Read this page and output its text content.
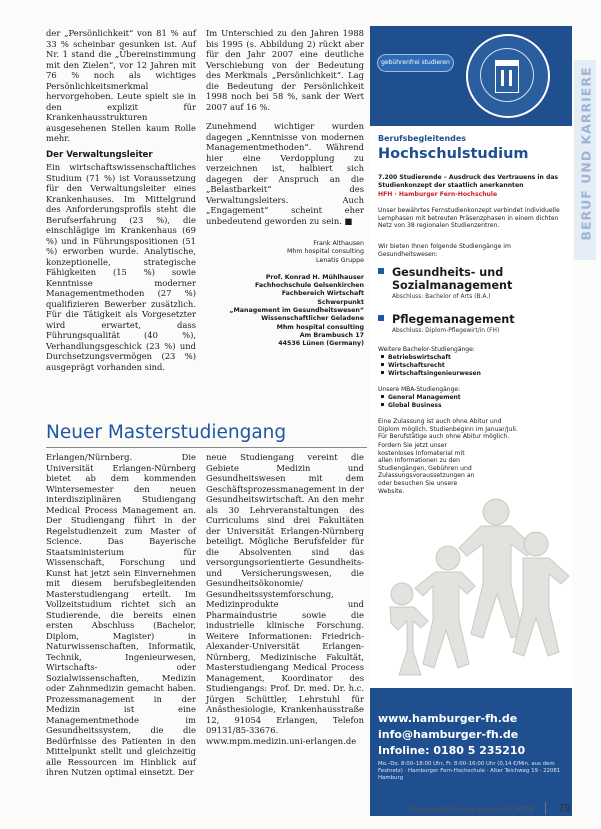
der „Persönlichkeit“ von 81 % auf 33 % scheinbar gesunken ist. Auf Nr. 1 stand die „Übereinstimmung mit den Zielen“, vor 12 Jahren mit 76 % noch als wichtiges Persönlichkeitsmerkmal hervorgehoben. Leute spielt sie in den explizit für Krankenhausstrukturen ausgesehenen Stellen kaum Rolle mehr.

Der Verwaltungsleiter

Ein wirtschaftswissenschaftliches Studium (71 %) ist Voraussetzung für den Verwaltungsleiter eines Krankenhauses. Im Mittelgrund des Anforderungsprofils steht die Berufserfahrung (23 %), die einschlägige im Krankenhaus (69 %) und in Führungspositionen (51 %) erworben wurde. Analytische, konzeptionelle, strategische Fähigkeiten (15 %) sowie Kenntnisse moderner Managementmethoden (27 %) qualifizieren Bewerber zusätzlich. Für die Tätigkeit als Vorgesetzter wird erwartet, dass Führungsqualität (40 %), Verhandlungsgeschick (23 %) und Durchsetzungsvermögen (23 %) ausgeprägt vorhanden sind.

Im Unterschied zu den Jahren 1988 bis 1995 (s. Abbildung 2) rückt aber für den Jahr 2007 eine deutliche Verschiebung von der Bedeutung des Merkmals „Persönlichkeit“. Lag die Bedeutung der Persönlichkeit 1998 noch bei 58 %, sank der Wert 2007 auf 16 %.

Zunehmend wichtiger wurden dagegen „Kenntnisse von modernen Managementmethoden“. Während hier eine Verdopplung zu verzeichnen ist, halbiert sich dagegen der Anspruch an die „Belastbarkeit“ des Verwaltungsleiters. Auch „Engagement“ scheint eher unbedeutend geworden zu sein. ■

Frank Althausen

Mhm hospital consulting

Lenatis Gruppe

Prof. Konrad H. Mühlhauser

Fachhochschule Gelsenkirchen

Fachbereich Wirtschaft

Schwerpunkt

„Management im Gesundheitswesen“

Wissenschaftlicher Geladene

Mhm hospital consulting

Am Brambusch 17

44536 Lünen (Germany)

Neuer Masterstudiengang

Erlangen/Nürnberg. Die Universität Erlangen-Nürnberg bietet ab dem kommenden Wintersemester den neuen interdisziplinären Studiengang Medical Process Management an. Der Studiengang führt in der Regelstudienzeit zum Master of Science. Das Bayerische Staatsministerium für Wissenschaft, Forschung und Kunst hat jetzt sein Einvernehmen mit diesem berufsbegleitenden Masterstudiengang erteilt. Im Vollzeitstudium richtet sich an Studierende, die bereits einen ersten Abschluss (Bachelor, Diplom, Magister) in Naturwissenschaften, Informatik, Technik, Ingenieurwesen, Wirtschafts- oder Sozialwissenschaften, Medizin oder Zahnmedizin gemacht haben. Prozessmanagement in der Medizin ist eine Managementmethode im Gesundheitssystem, die die Bedürfnisse des Patienten in den Mittelpunkt stellt und gleichzeitig alle Ressourcen im Hinblick auf ihren Nutzen optimal einsetzt. Der

neue Studiengang vereint die Gebiete Medizin und Gesundheitswesen mit dem Geschäftsprozessmanagement in der Gesundheitswirtschaft. An den mehr als 30 Lehrveranstaltungen des Curriculums sind drei Fakultäten der Universität Erlangen-Nürnberg beteiligt. Mögliche Berufsfelder für die Absolventen sind das versorgungsorientierte Gesundheits- und Versicherungswesen, die Gesundheitsökonomie/ Gesundheitssystemforschung, Medizinprodukte und Pharmaindustrie sowie die industrielle klinische Forschung. Weitere Informationen: Friedrich-Alexander-Universität Erlangen-Nürnberg, Medizinische Fakultät, Masterstudiengang Medical Process Management, Koordinator des Studiengangs: Prof. Dr. med. Dr. h.c. Jürgen Schüttler, Lehrstuhl für Anästhesiologie, Krankenhausstraße 12, 91054 Erlangen, Telefon 09131/85-33676. www.mpm.medizin.uni-erlangen.de

BERUF UND KARRIERE
gebührenfrei studieren
Berufsbegleitendes
Hochschulstudium
7.200 Studierende – Ausdruck des Vertrauens in das Studienkonzept der staatlich anerkannten
HFH · Hamburger Fern-Hochschule
Unser bewährtes Fernstudienkonzept verbindet individuelle Lernphasen mit betreuten Präsenzphasen in einem dichten Netz von 38 regionalen Studienzentren.
Wir bieten Ihnen folgende Studiengänge im Gesundheitswesen:
Gesundheits- und
Sozialmanagement
Abschluss: Bachelor of Arts (B.A.)
Pflegemanagement
Abschluss: Diplom-Pflegewirt/in (FH)
Weitere Bachelor-Studiengänge:
Betriebswirtschaft
Wirtschaftsrecht
Wirtschaftsingenieurwesen
Unsere MBA-Studiengänge:
General Management
Global Business
Eine Zulassung ist auch ohne Abitur und Diplom möglich. Studienbeginn im Januar/Juli. Für Berufstätige auch ohne Abitur möglich.
Fordern Sie jetzt unser kostenloses Infomaterial mit allen Informationen zu den Studiengängen, Gebühren und Zulassungsvoraussetzungen an oder besuchen Sie unsere Website.
www.hamburger-fh.de
info@hamburger-fh.de
Infoline: 0180 5 235210
Mo.–Do. 8:00–18:00 Uhr, Fr. 8:00–16:00 Uhr (0,14 €/Min. aus dem Festnetz) · Hamburger Fern-Hochschule · Alter Teichweg 19 · 22081 Hamburg
Gesundheitsmanagement 2008	79
